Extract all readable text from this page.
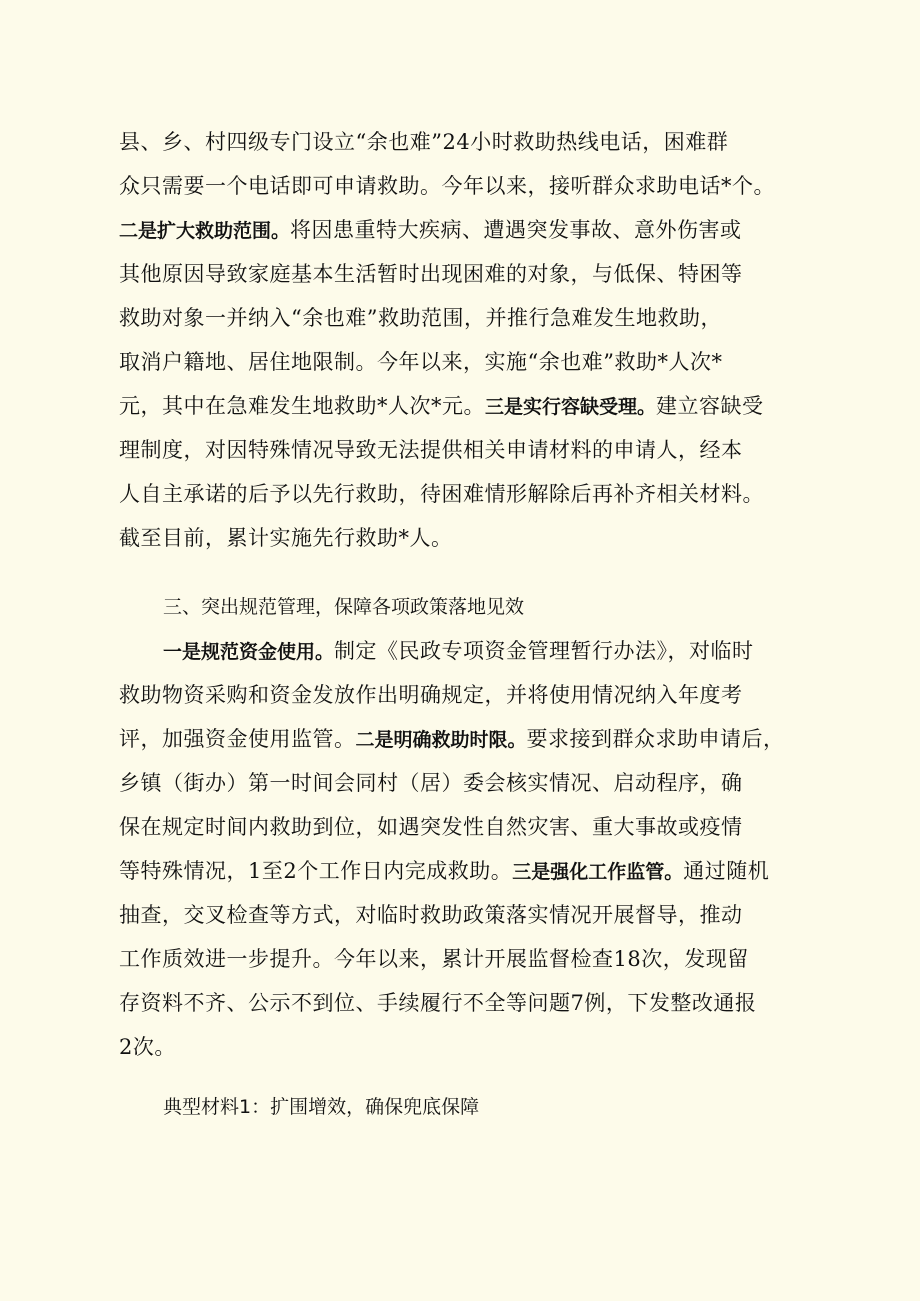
县、乡、村四级专门设立“余也难”24小时救助热线电话，困难群
众只需要一个电话即可申请救助。今年以来，接听群众求助电话*个。
二是扩大救助范围。将因患重特大疾病、遭遇突发事故、意外伤害或
其他原因导致家庭基本生活暂时出现困难的对象，与低保、特困等
救助对象一并纳入“余也难”救助范围，并推行急难发生地救助，
取消户籍地、居住地限制。今年以来，实施“余也难”救助*人次*
元，其中在急难发生地救助*人次*元。三是实行容缺受理。建立容缺受
理制度，对因特殊情况导致无法提供相关申请材料的申请人，经本
人自主承诺的后予以先行救助，待困难情形解除后再补齐相关材料。
截至目前，累计实施先行救助*人。
三、突出规范管理，保障各项政策落地见效
一是规范资金使用。制定《民政专项资金管理暂行办法》，对临时
救助物资采购和资金发放作出明确规定，并将使用情况纳入年度考
评，加强资金使用监管。二是明确救助时限。要求接到群众求助申请后，
乡镇（街办）第一时间会同村（居）委会核实情况、启动程序，确
保在规定时间内救助到位，如遇突发性自然灾害、重大事故或疫情
等特殊情况，1至2个工作日内完成救助。三是强化工作监管。通过随机
抽查，交叉检查等方式，对临时救助政策落实情况开展督导，推动
工作质效进一步提升。今年以来，累计开展监督检查18次，发现留
存资料不齐、公示不到位、手续履行不全等问题7例，下发整改通报
2次。
典型材料1：扩围增效，确保兜底保障
